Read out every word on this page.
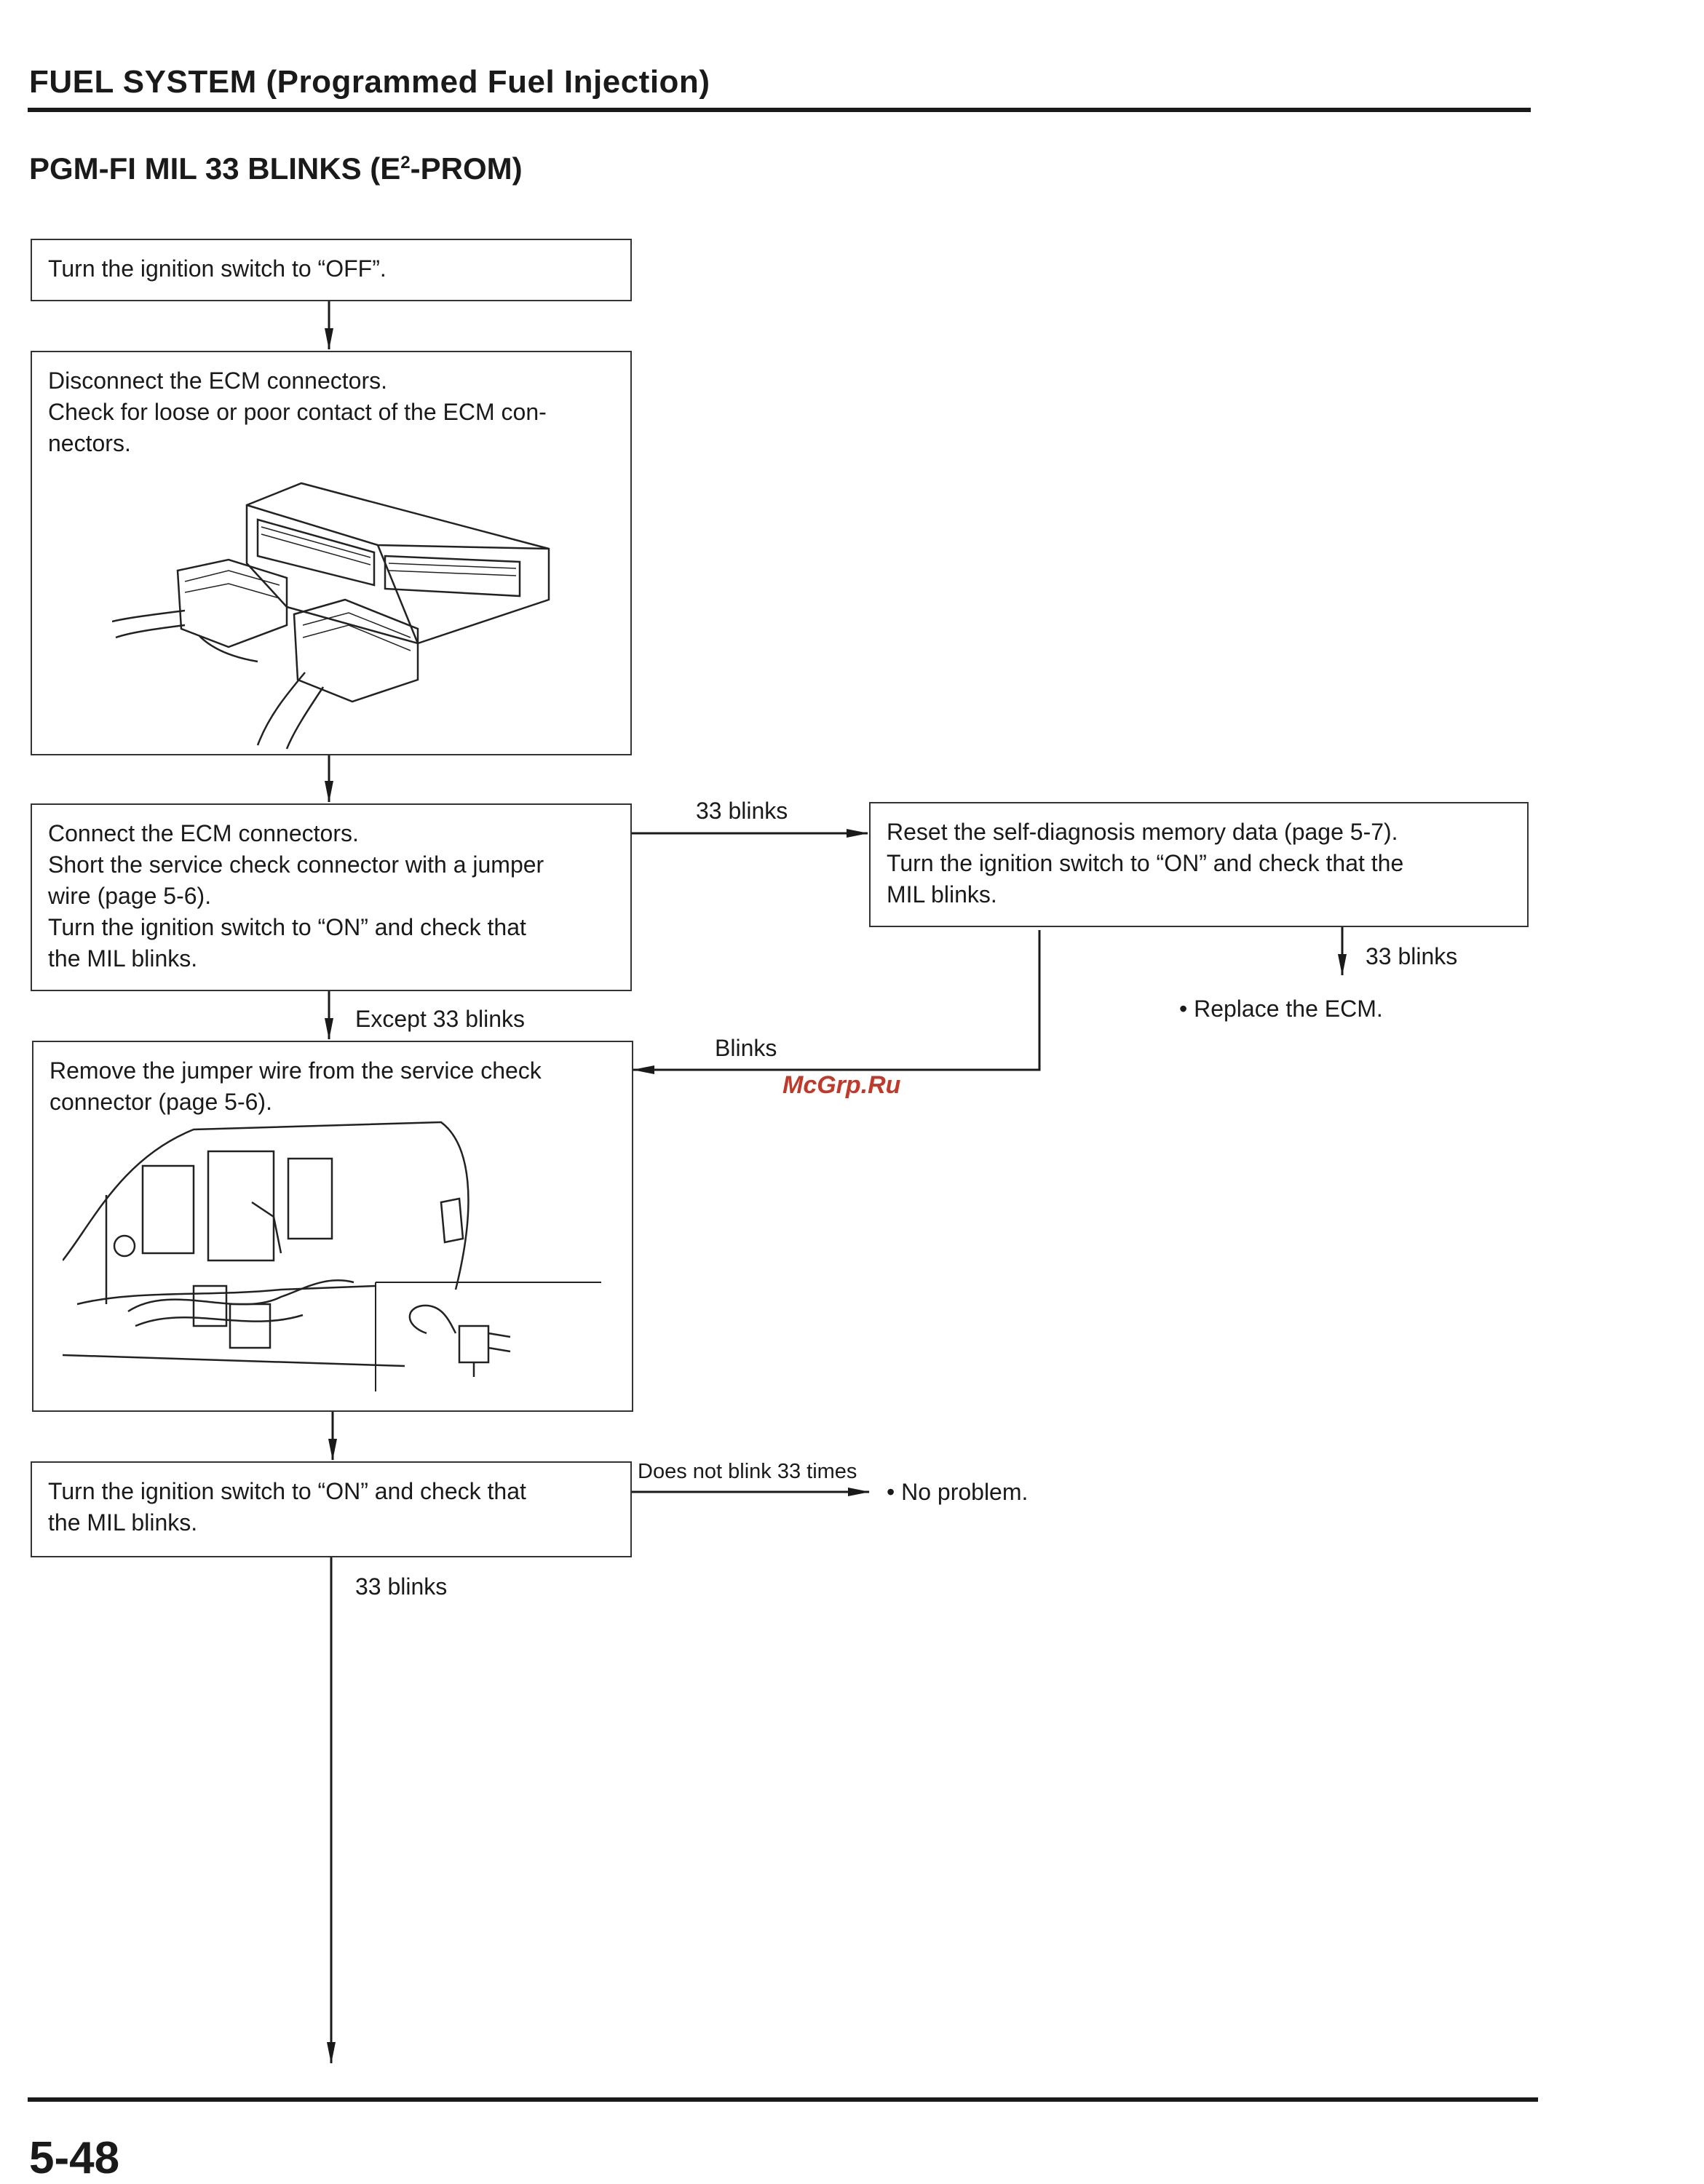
FUEL SYSTEM (Programmed Fuel Injection)
PGM-FI MIL 33 BLINKS $(E^2-PROM)$

Turn the ignition switch to “OFF”.

Disconnect the ECM connectors.

Check for loose or poor contact of the ECM con-

nectors.

Connect the ECM connectors.

Short the service check connector with a jumper

wire (page 5-6).

Turn the ignition switch to “ON” and check that

the MIL blinks.

Reset the self-diagnosis memory data (page 5-7).

Turn the ignition switch to “ON” and check that the

MIL blinks.

Remove the jumper wire from the service check

connector (page 5-6).

Turn the ignition switch to “ON” and check that

the MIL blinks.

33 blinks
33 blinks
Except 33 blinks
Blinks
Does not blink 33 times
33 blinks
• Replace the ECM.
• No problem.
McGrp.Ru
5-48
